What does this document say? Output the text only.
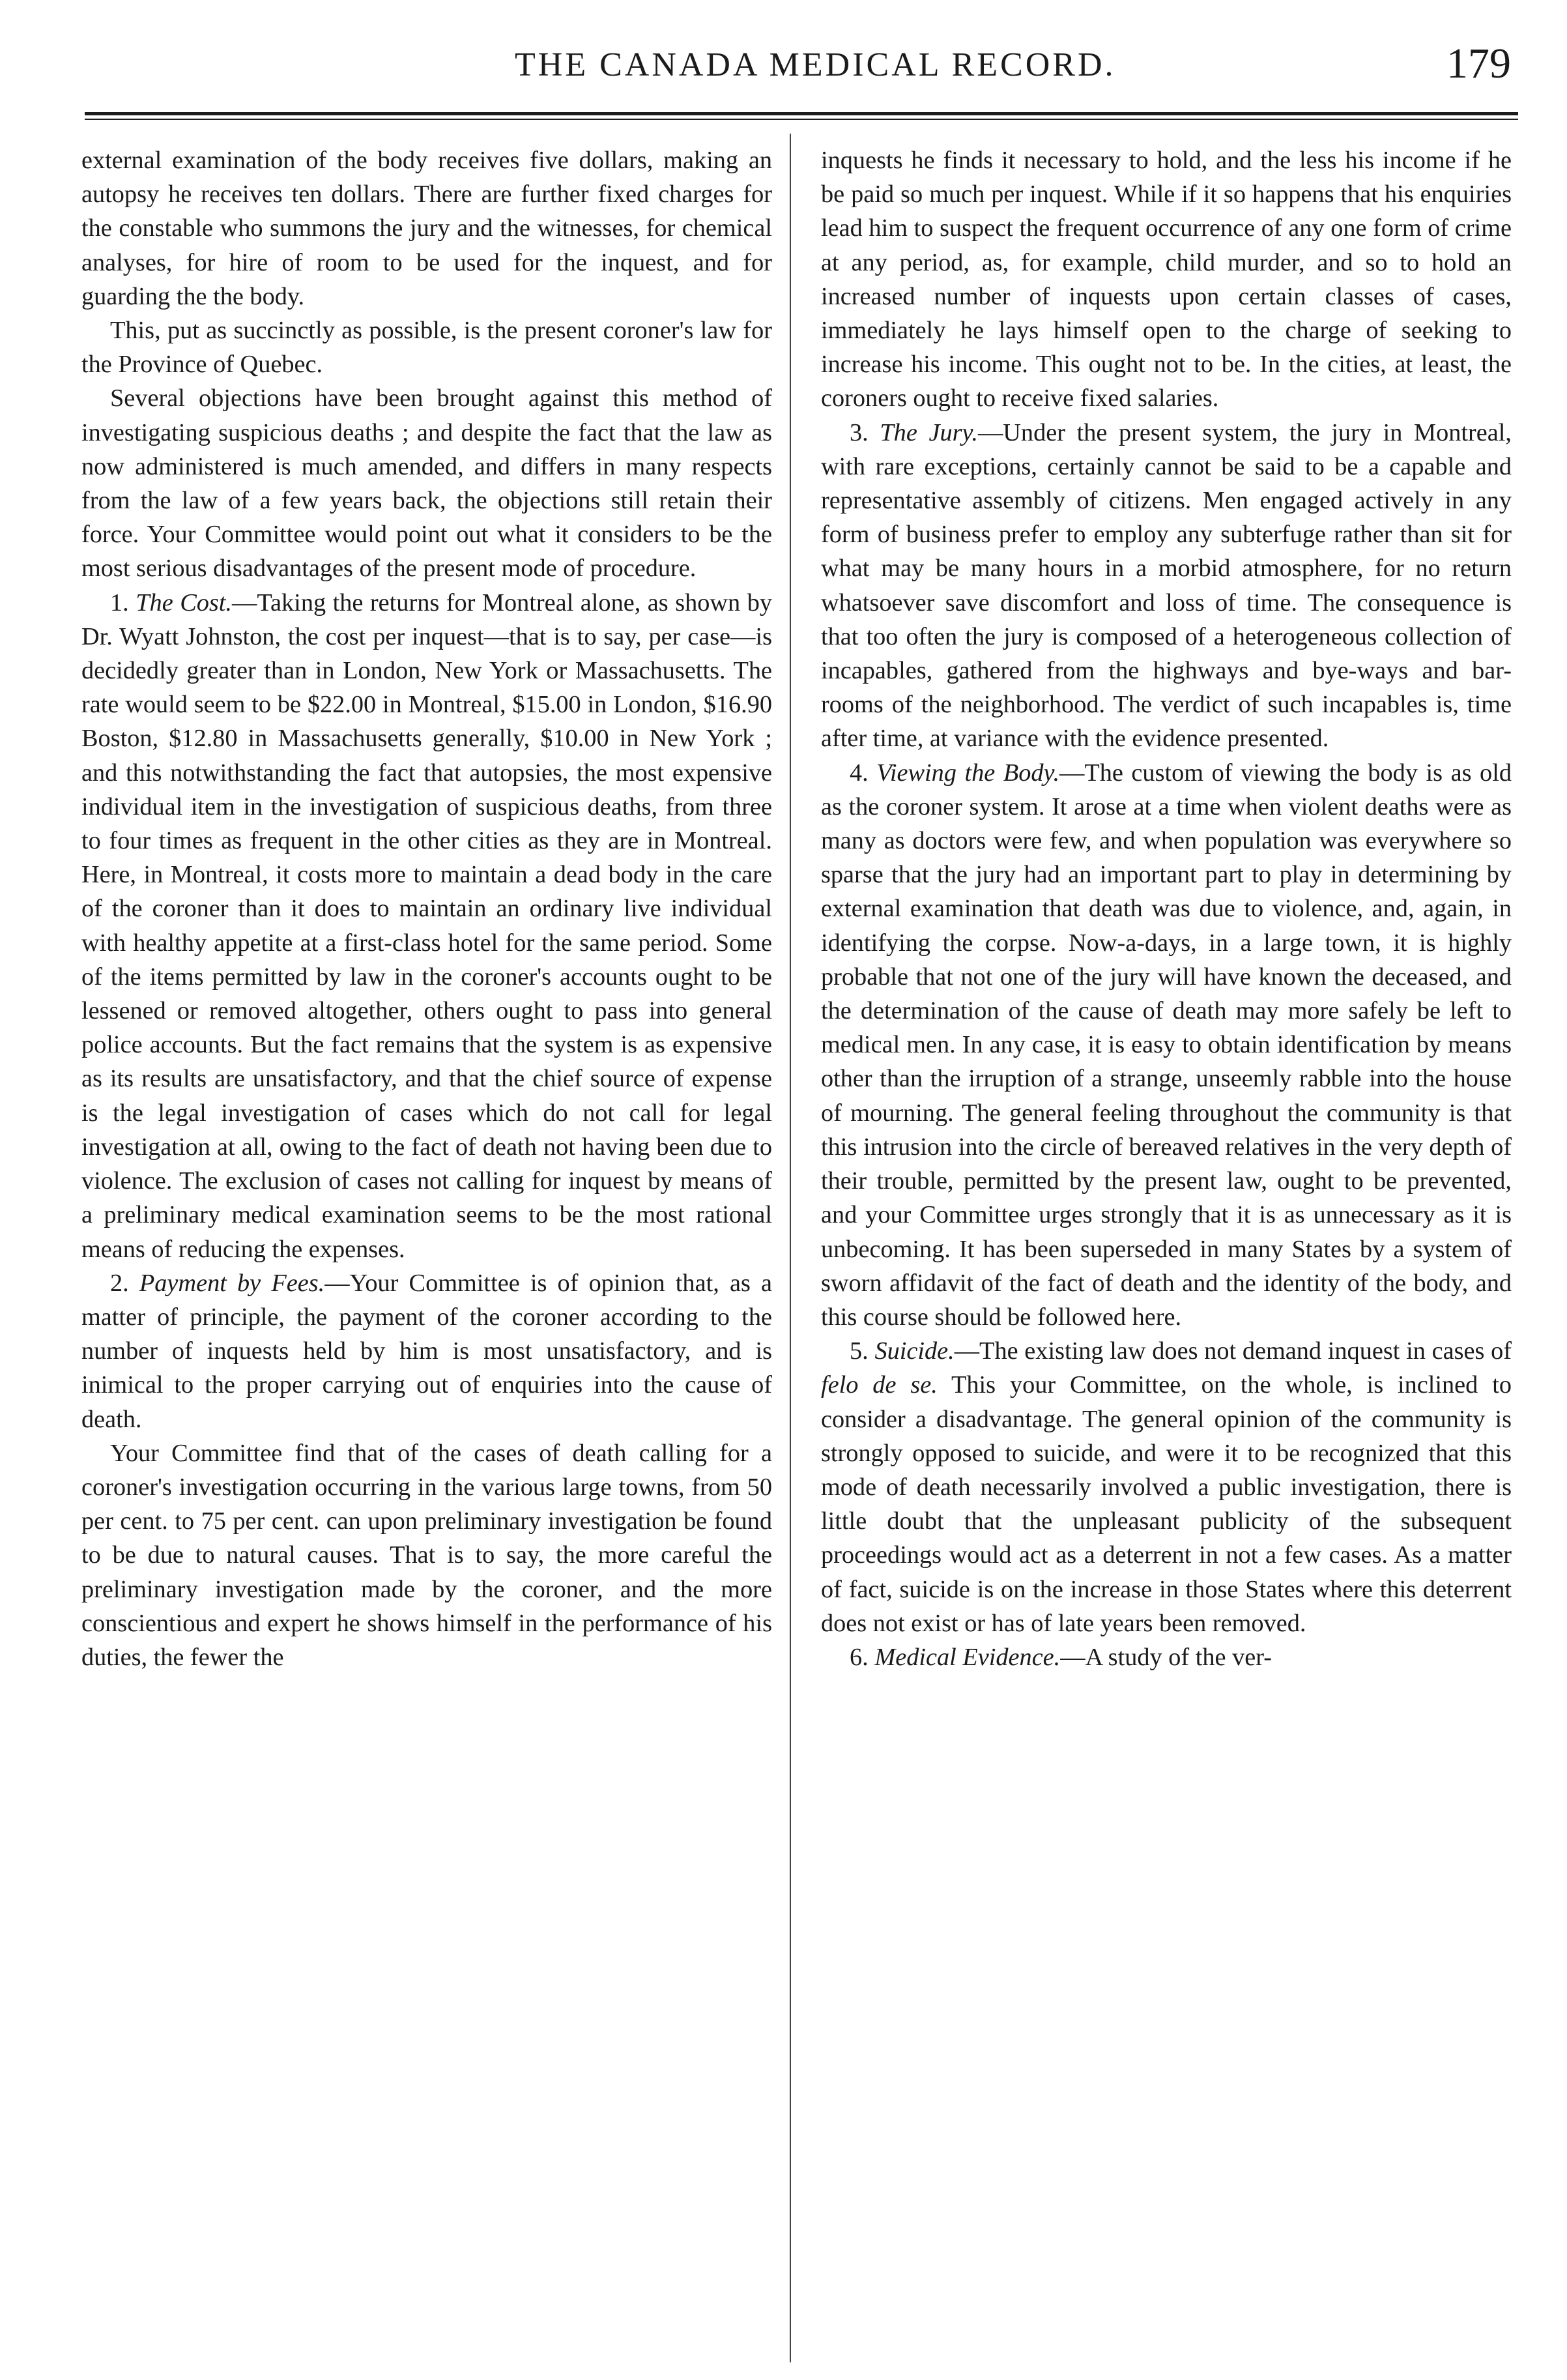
THE CANADA MEDICAL RECORD.	179

external examination of the body receives five dollars, making an autopsy he receives ten dollars. There are further fixed charges for the constable who summons the jury and the witnesses, for chemical analyses, for hire of room to be used for the inquest, and for guarding the the body.

This, put as succinctly as possible, is the present coroner's law for the Province of Quebec.

Several objections have been brought against this method of investigating suspicious deaths ; and despite the fact that the law as now administered is much amended, and differs in many respects from the law of a few years back, the objections still retain their force. Your Committee would point out what it considers to be the most serious disadvantages of the present mode of procedure.

1. The Cost.—Taking the returns for Montreal alone, as shown by Dr. Wyatt Johnston, the cost per inquest—that is to say, per case—is decidedly greater than in London, New York or Massachusetts. The rate would seem to be $22.00 in Montreal, $15.00 in London, $16.90 Boston, $12.80 in Massachusetts generally, $10.00 in New York ; and this notwithstanding the fact that autopsies, the most expensive individual item in the investigation of suspicious deaths, from three to four times as frequent in the other cities as they are in Montreal. Here, in Montreal, it costs more to maintain a dead body in the care of the coroner than it does to maintain an ordinary live individual with healthy appetite at a first-class hotel for the same period. Some of the items permitted by law in the coroner's accounts ought to be lessened or removed altogether, others ought to pass into general police accounts. But the fact remains that the system is as expensive as its results are unsatisfactory, and that the chief source of expense is the legal investigation of cases which do not call for legal investigation at all, owing to the fact of death not having been due to violence. The exclusion of cases not calling for inquest by means of a preliminary medical examination seems to be the most rational means of reducing the expenses.

2. Payment by Fees.—Your Committee is of opinion that, as a matter of principle, the payment of the coroner according to the number of inquests held by him is most unsatisfactory, and is inimical to the proper carrying out of enquiries into the cause of death.

Your Committee find that of the cases of death calling for a coroner's investigation occurring in the various large towns, from 50 per cent. to 75 per cent. can upon preliminary investigation be found to be due to natural causes. That is to say, the more careful the preliminary investigation made by the coroner, and the more conscientious and expert he shows himself in the performance of his duties, the fewer the

inquests he finds it necessary to hold, and the less his income if he be paid so much per inquest. While if it so happens that his enquiries lead him to suspect the frequent occurrence of any one form of crime at any period, as, for example, child murder, and so to hold an increased number of inquests upon certain classes of cases, immediately he lays himself open to the charge of seeking to increase his income. This ought not to be. In the cities, at least, the coroners ought to receive fixed salaries.

3. The Jury.—Under the present system, the jury in Montreal, with rare exceptions, certainly cannot be said to be a capable and representative assembly of citizens. Men engaged actively in any form of business prefer to employ any subterfuge rather than sit for what may be many hours in a morbid atmosphere, for no return whatsoever save discomfort and loss of time. The consequence is that too often the jury is composed of a heterogeneous collection of incapables, gathered from the highways and bye-ways and bar-rooms of the neighborhood. The verdict of such incapables is, time after time, at variance with the evidence presented.

4. Viewing the Body.—The custom of viewing the body is as old as the coroner system. It arose at a time when violent deaths were as many as doctors were few, and when population was everywhere so sparse that the jury had an important part to play in determining by external examination that death was due to violence, and, again, in identifying the corpse. Now-a-days, in a large town, it is highly probable that not one of the jury will have known the deceased, and the determination of the cause of death may more safely be left to medical men. In any case, it is easy to obtain identification by means other than the irruption of a strange, unseemly rabble into the house of mourning. The general feeling throughout the community is that this intrusion into the circle of bereaved relatives in the very depth of their trouble, permitted by the present law, ought to be prevented, and your Committee urges strongly that it is as unnecessary as it is unbecoming. It has been superseded in many States by a system of sworn affidavit of the fact of death and the identity of the body, and this course should be followed here.

5. Suicide.—The existing law does not demand inquest in cases of felo de se. This your Committee, on the whole, is inclined to consider a disadvantage. The general opinion of the community is strongly opposed to suicide, and were it to be recognized that this mode of death necessarily involved a public investigation, there is little doubt that the unpleasant publicity of the subsequent proceedings would act as a deterrent in not a few cases. As a matter of fact, suicide is on the increase in those States where this deterrent does not exist or has of late years been removed.

6. Medical Evidence.—A study of the ver-
